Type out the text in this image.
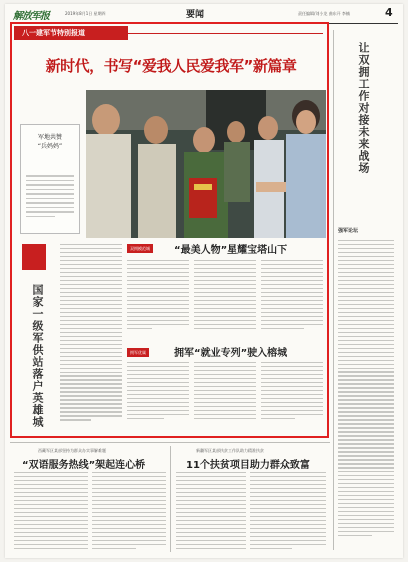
解放军报	2019年8月1日 星期四	要闻	责任编辑/刘小龙 曲东开 李楠	4
八一建军节特别报道
新时代，书写“爱我人民爱我军”新篇章
军地共赞
“兵妈妈”
国家一级军供站落户英雄城
双拥模范城	“最美人物”星耀宝塔山下
拥军优属	拥军“就业专列”驶入榕城
让双拥工作对接未来战场
强军论坛
西藏军区某部坚持为群众办实事解难题
“双语服务热线”架起连心桥
新疆军区某部扶贫工作队助力精准扶贫
11个扶贫项目助力群众致富
